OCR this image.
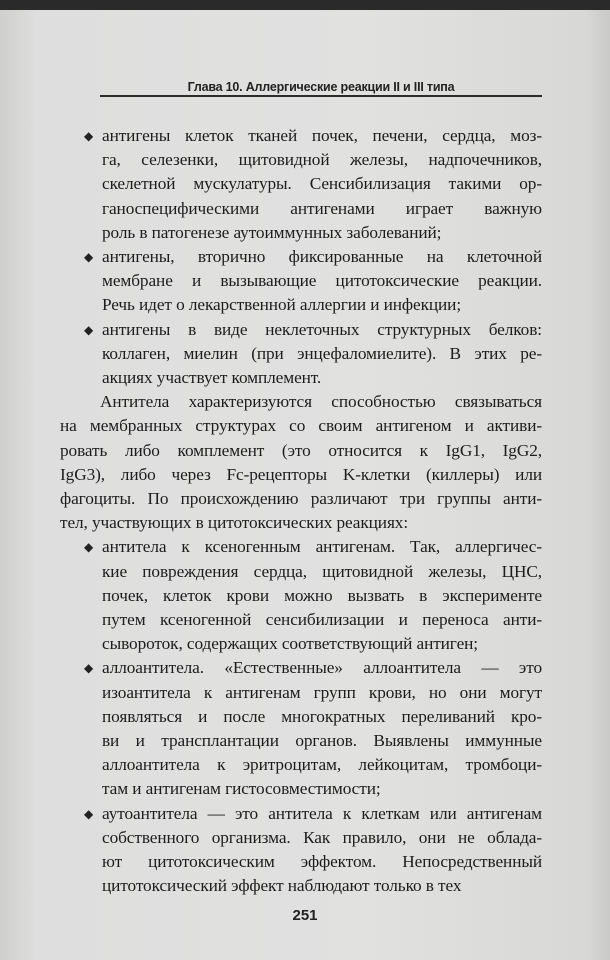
Глава 10. Аллергические реакции II и III типа
◆ антигены клеток тканей почек, печени, сердца, моз-
га, селезенки, щитовидной железы, надпочечников,
скелетной мускулатуры. Сенсибилизация такими ор-
ганоспецифическими антигенами играет важную
роль в патогенезе аутоиммунных заболеваний;
◆ антигены, вторично фиксированные на клеточной
мембране и вызывающие цитотоксические реакции.
Речь идет о лекарственной аллергии и инфекции;
◆ антигены в виде неклеточных структурных белков:
коллаген, миелин (при энцефаломиелите). В этих ре-
акциях участвует комплемент.
Антитела характеризуются способностью связываться
на мембранных структурах со своим антигеном и активи-
ровать либо комплемент (это относится к IgG1, IgG2,
IgG3), либо через Fc-рецепторы K-клетки (киллеры) или
фагоциты. По происхождению различают три группы анти-
тел, участвующих в цитотоксических реакциях:
◆ антитела к ксеногенным антигенам. Так, аллергичес-
кие повреждения сердца, щитовидной железы, ЦНС,
почек, клеток крови можно вызвать в эксперименте
путем ксеногенной сенсибилизации и переноса анти-
сывороток, содержащих соответствующий антиген;
◆ аллоантитела. «Естественные» аллоантитела — это
изоантитела к антигенам групп крови, но они могут
появляться и после многократных переливаний кро-
ви и трансплантации органов. Выявлены иммунные
аллоантитела к эритроцитам, лейкоцитам, тромбоци-
там и антигенам гистосовместимости;
◆ аутоантитела — это антитела к клеткам или антигенам
собственного организма. Как правило, они не облада-
ют цитотоксическим эффектом. Непосредственный
цитотоксический эффект наблюдают только в тех
251
